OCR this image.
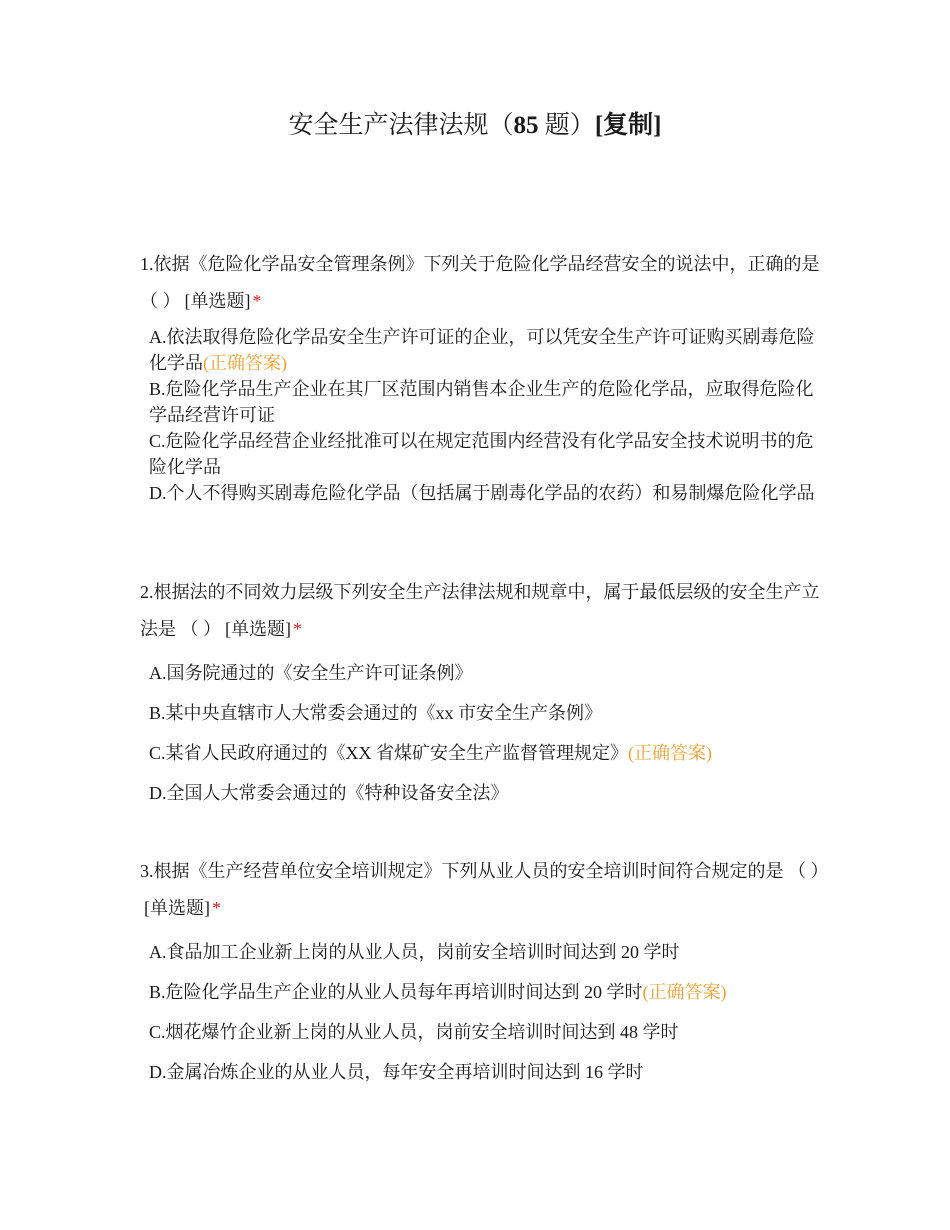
安全生产法律法规（85 题）[复制]

1.依据《危险化学品安全管理条例》下列关于危险化学品经营安全的说法中，正确的是 （ ） [单选题] *

A.依法取得危险化学品安全生产许可证的企业，可以凭安全生产许可证购买剧毒危险化学品(正确答案)
B.危险化学品生产企业在其厂区范围内销售本企业生产的危险化学品，应取得危险化学品经营许可证
C.危险化学品经营企业经批准可以在规定范围内经营没有化学品安全技术说明书的危险化学品
D.个人不得购买剧毒危险化学品（包括属于剧毒化学品的农药）和易制爆危险化学品

2.根据法的不同效力层级下列安全生产法律法规和规章中，属于最低层级的安全生产立法是 （ ） [单选题] *

A.国务院通过的《安全生产许可证条例》
B.某中央直辖市人大常委会通过的《xx 市安全生产条例》
C.某省人民政府通过的《XX 省煤矿安全生产监督管理规定》(正确答案)
D.全国人大常委会通过的《特种设备安全法》

3.根据《生产经营单位安全培训规定》下列从业人员的安全培训时间符合规定的是 （ ）[单选题] *

A.食品加工企业新上岗的从业人员，岗前安全培训时间达到 20 学时
B.危险化学品生产企业的从业人员每年再培训时间达到 20 学时(正确答案)
C.烟花爆竹企业新上岗的从业人员，岗前安全培训时间达到 48 学时
D.金属冶炼企业的从业人员，每年安全再培训时间达到 16 学时
